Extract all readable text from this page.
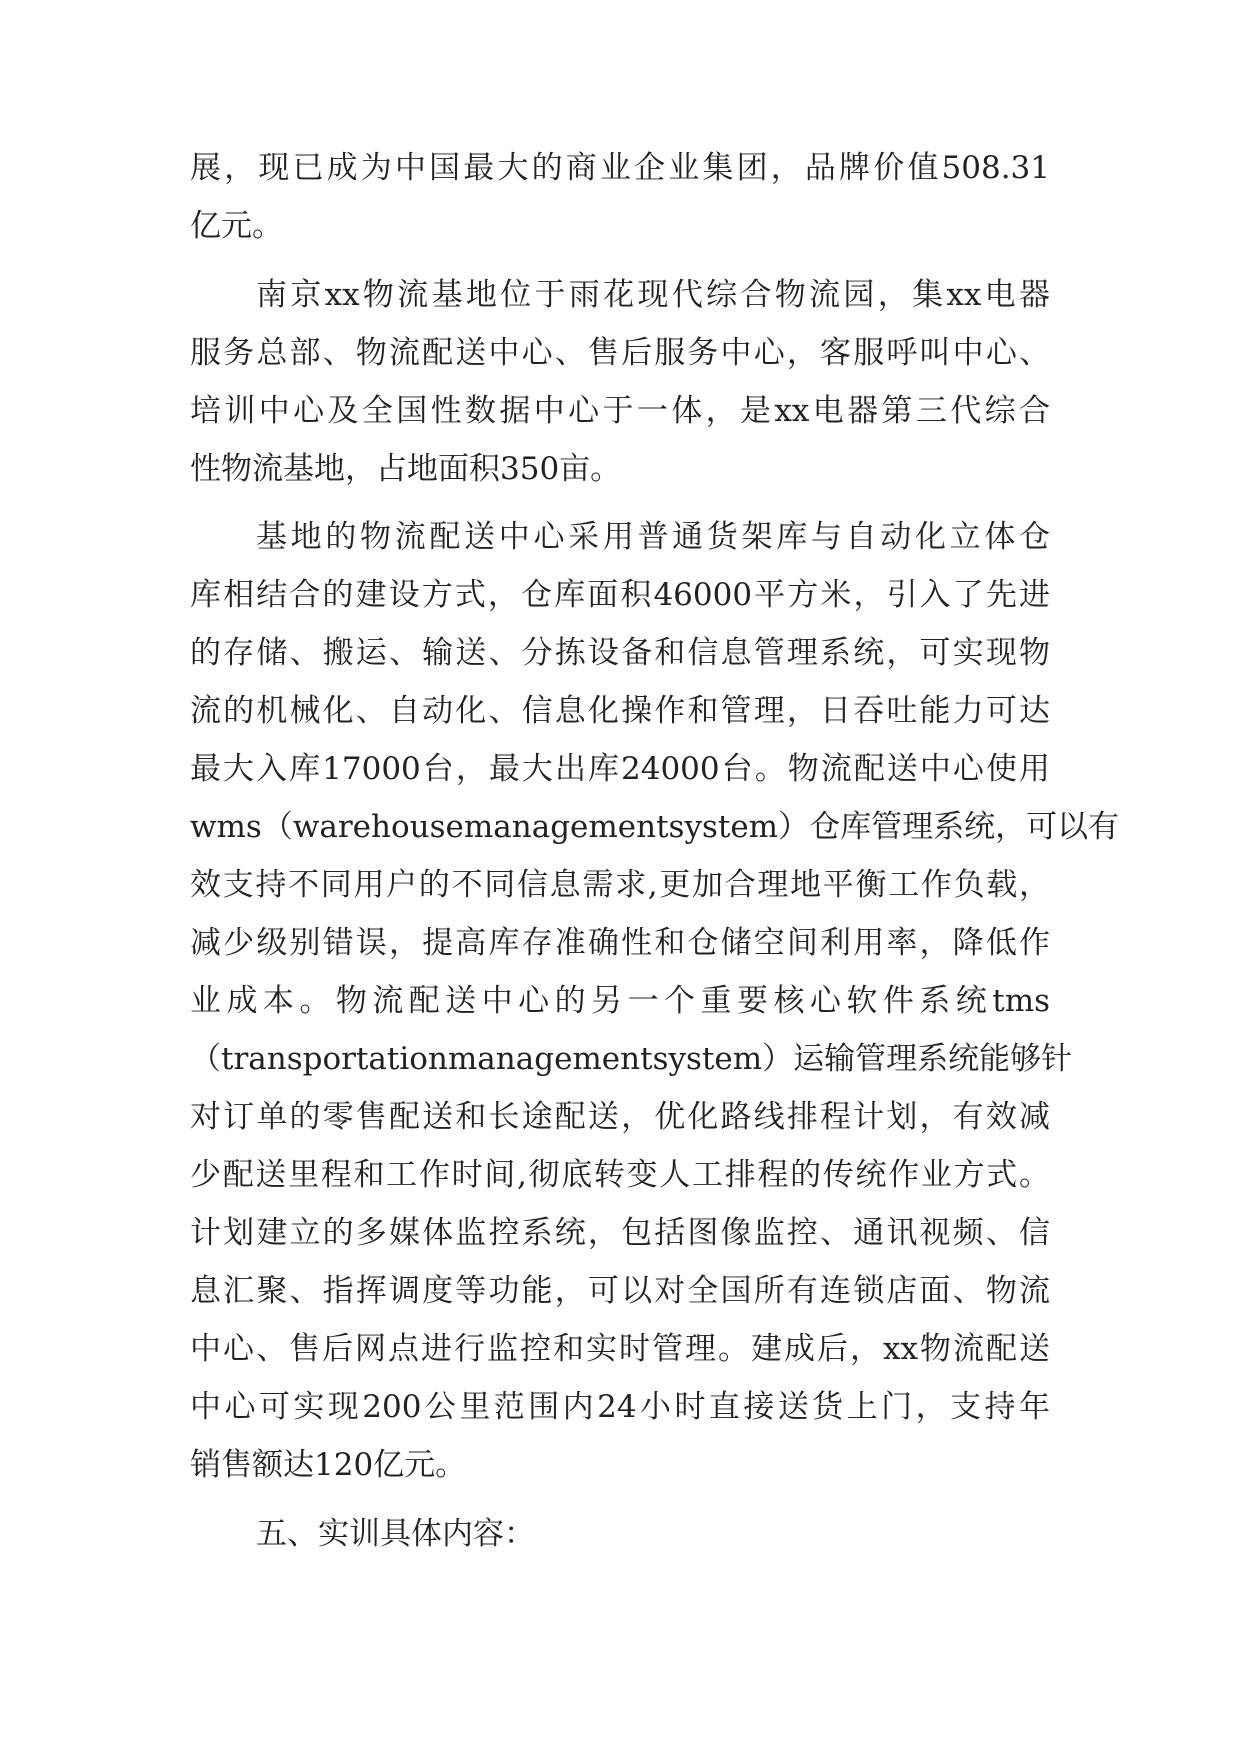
展，现已成为中国最大的商业企业集团，品牌价值508.31
亿元。
南京xx物流基地位于雨花现代综合物流园，集xx电器
服务总部、物流配送中心、售后服务中心，客服呼叫中心、
培训中心及全国性数据中心于一体，是xx电器第三代综合
性物流基地，占地面积350亩。
基地的物流配送中心采用普通货架库与自动化立体仓
库相结合的建设方式，仓库面积46000平方米，引入了先进
的存储、搬运、输送、分拣设备和信息管理系统，可实现物
流的机械化、自动化、信息化操作和管理，日吞吐能力可达
最大入库17000台，最大出库24000台。物流配送中心使用
wms（warehousemanagementsystem）仓库管理系统，可以有
效支持不同用户的不同信息需求,更加合理地平衡工作负载，
减少级别错误，提高库存准确性和仓储空间利用率，降低作
业成本。物流配送中心的另一个重要核心软件系统tms
（transportationmanagementsystem）运输管理系统能够针
对订单的零售配送和长途配送，优化路线排程计划，有效减
少配送里程和工作时间,彻底转变人工排程的传统作业方式。
计划建立的多媒体监控系统，包括图像监控、通讯视频、信
息汇聚、指挥调度等功能，可以对全国所有连锁店面、物流
中心、售后网点进行监控和实时管理。建成后，xx物流配送
中心可实现200公里范围内24小时直接送货上门，支持年
销售额达120亿元。
五、实训具体内容：
